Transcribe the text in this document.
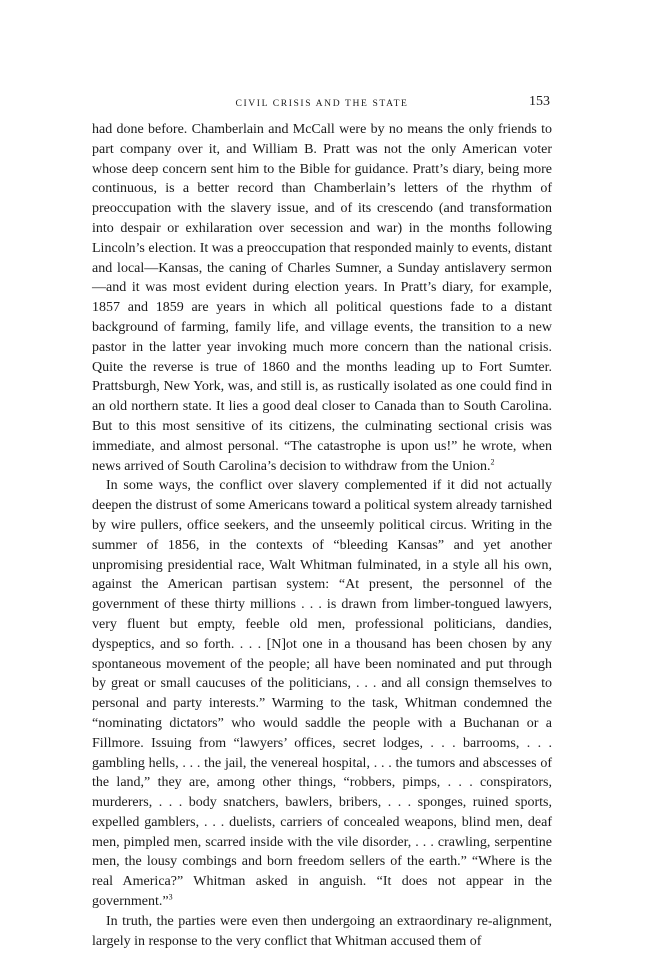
CIVIL CRISIS AND THE STATE	153

had done before. Chamberlain and McCall were by no means the only friends to part company over it, and William B. Pratt was not the only American voter whose deep concern sent him to the Bible for guidance. Pratt’s diary, being more continuous, is a better record than Chamberlain’s letters of the rhythm of preoccupation with the slavery issue, and of its crescendo (and transformation into despair or exhilaration over secession and war) in the months following Lincoln’s election. It was a preoccupation that responded mainly to events, distant and local—Kansas, the caning of Charles Sumner, a Sunday antislavery sermon—and it was most evident during election years. In Pratt’s diary, for example, 1857 and 1859 are years in which all political questions fade to a distant background of farming, family life, and village events, the transition to a new pastor in the latter year invoking much more concern than the national crisis. Quite the reverse is true of 1860 and the months leading up to Fort Sumter. Prattsburgh, New York, was, and still is, as rustically isolated as one could find in an old northern state. It lies a good deal closer to Canada than to South Carolina. But to this most sensitive of its citizens, the culminating sectional crisis was immediate, and almost personal. “The catastrophe is upon us!” he wrote, when news arrived of South Carolina’s decision to withdraw from the Union.$^2$

In some ways, the conflict over slavery complemented if it did not actually deepen the distrust of some Americans toward a political system already tarnished by wire pullers, office seekers, and the unseemly political circus. Writing in the summer of 1856, in the contexts of “bleeding Kansas” and yet another unpromising presidential race, Walt Whitman fulminated, in a style all his own, against the American partisan system: “At present, the personnel of the government of these thirty millions . . . is drawn from limber-tongued lawyers, very fluent but empty, feeble old men, professional politicians, dandies, dyspeptics, and so forth. . . . [N]ot one in a thousand has been chosen by any spontaneous movement of the people; all have been nominated and put through by great or small caucuses of the politicians, . . . and all consign themselves to personal and party interests.” Warming to the task, Whitman condemned the “nominating dictators” who would saddle the people with a Buchanan or a Fillmore. Issuing from “lawyers’ offices, secret lodges, . . . barrooms, . . . gambling hells, . . . the jail, the venereal hospital, . . . the tumors and abscesses of the land,” they are, among other things, “robbers, pimps, . . . conspirators, murderers, . . . body snatchers, bawlers, bribers, . . . sponges, ruined sports, expelled gamblers, . . . duelists, carriers of concealed weapons, blind men, deaf men, pimpled men, scarred inside with the vile disorder, . . . crawling, serpentine men, the lousy combings and born freedom sellers of the earth.” “Where is the real America?” Whitman asked in anguish. “It does not appear in the government.”$^3$

In truth, the parties were even then undergoing an extraordinary re-alignment, largely in response to the very conflict that Whitman accused them of
